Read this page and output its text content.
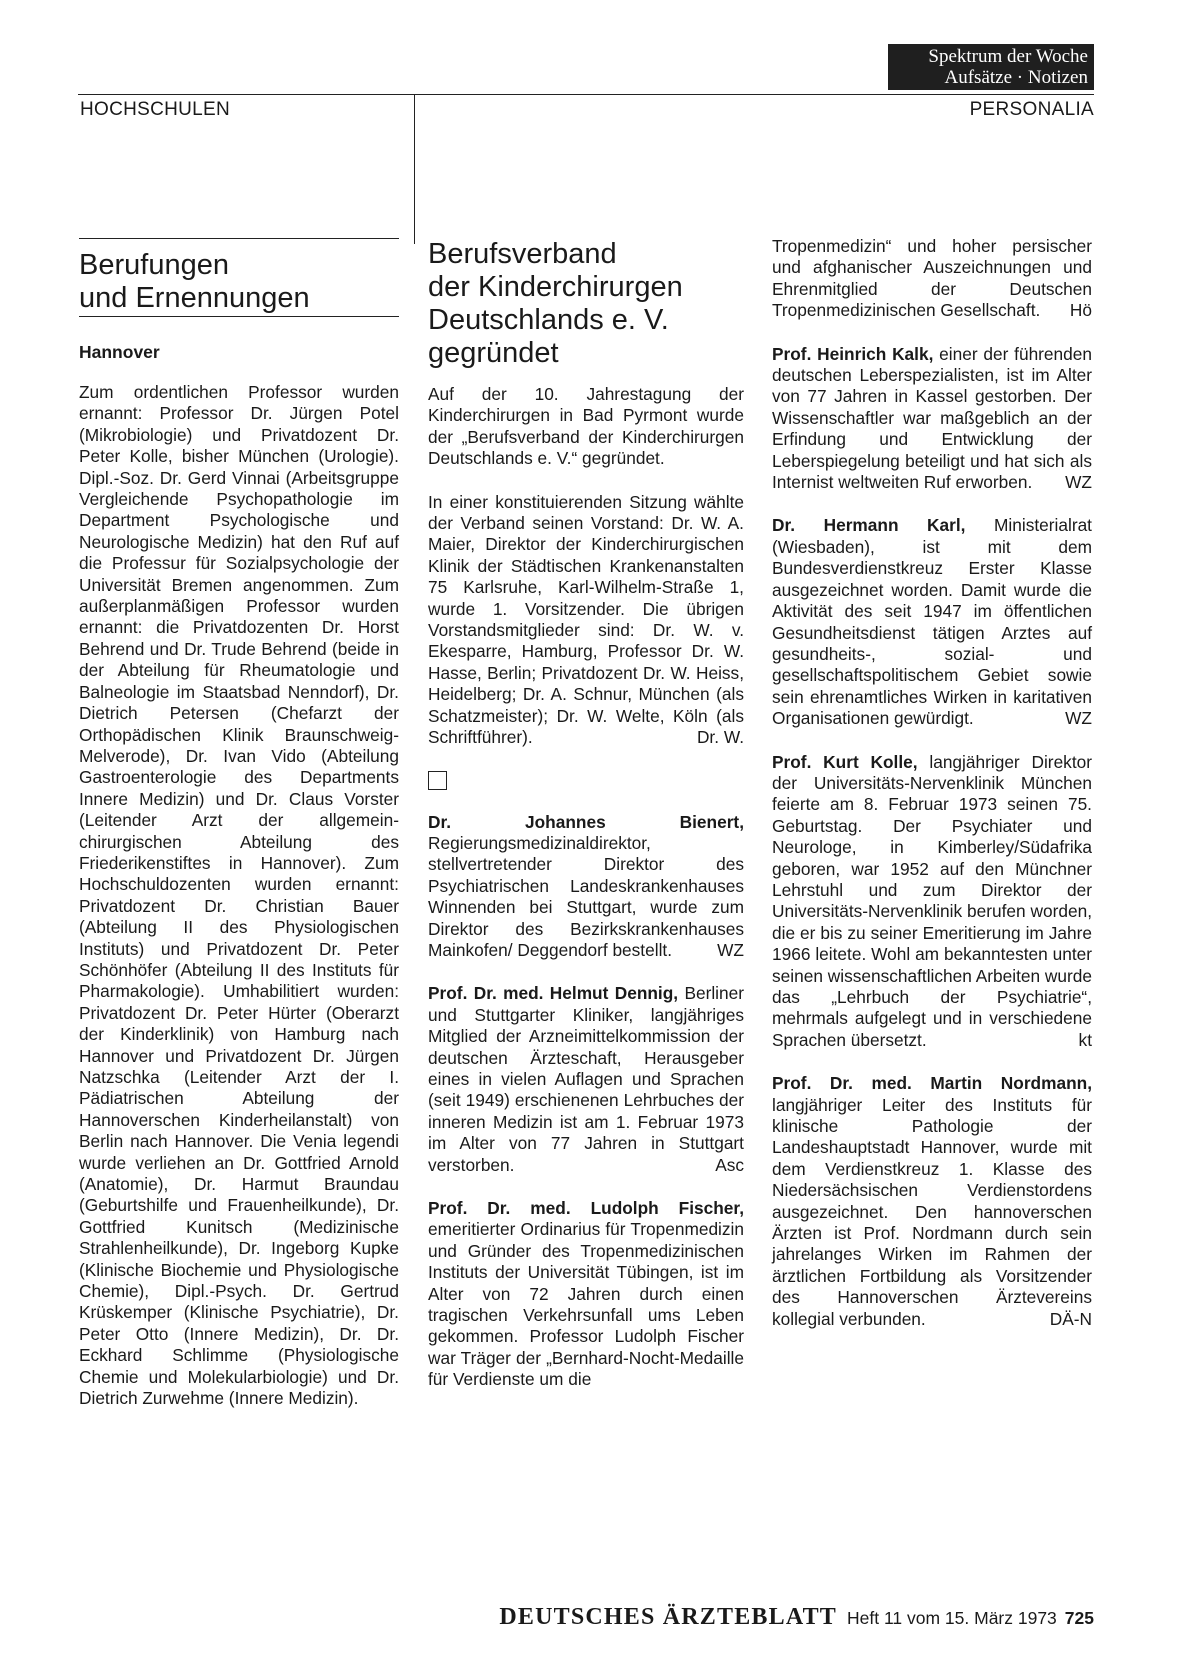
Spektrum der Woche
Aufsätze · Notizen
HOCHSCHULEN	PERSONALIA
Berufungen
und Ernennungen
Hannover

Zum ordentlichen Professor wurden ernannt: Professor Dr. Jürgen Potel (Mikrobiologie) und Privatdozent Dr. Peter Kolle, bisher München (Urologie). Dipl.-Soz. Dr. Gerd Vinnai (Arbeitsgruppe Vergleichende Psychopathologie im Department Psychologische und Neurologische Medizin) hat den Ruf auf die Professur für Sozialpsychologie der Universität Bremen angenommen. Zum außerplanmäßigen Professor wurden ernannt: die Privatdozenten Dr. Horst Behrend und Dr. Trude Behrend (beide in der Abteilung für Rheumatologie und Balneologie im Staatsbad Nenndorf), Dr. Dietrich Petersen (Chefarzt der Orthopädischen Klinik Braunschweig-Melverode), Dr. Ivan Vido (Abteilung Gastroenterologie des Departments Innere Medizin) und Dr. Claus Vorster (Leitender Arzt der allgemein-chirurgischen Abteilung des Friederikenstiftes in Hannover). Zum Hochschuldozenten wurden ernannt: Privatdozent Dr. Christian Bauer (Abteilung II des Physiologischen Instituts) und Privatdozent Dr. Peter Schönhöfer (Abteilung II des Instituts für Pharmakologie). Umhabilitiert wurden: Privatdozent Dr. Peter Hürter (Oberarzt der Kinderklinik) von Hamburg nach Hannover und Privatdozent Dr. Jürgen Natzschka (Leitender Arzt der I. Pädiatrischen Abteilung der Hannoverschen Kinderheilanstalt) von Berlin nach Hannover. Die Venia legendi wurde verliehen an Dr. Gottfried Arnold (Anatomie), Dr. Harmut Braundau (Geburtshilfe und Frauenheilkunde), Dr. Gottfried Kunitsch (Medizinische Strahlenheilkunde), Dr. Ingeborg Kupke (Klinische Biochemie und Physiologische Chemie), Dipl.-Psych. Dr. Gertrud Krüskemper (Klinische Psychiatrie), Dr. Peter Otto (Innere Medizin), Dr. Dr. Eckhard Schlimme (Physiologische Chemie und Molekularbiologie) und Dr. Dietrich Zurwehme (Innere Medizin).

Berufsverband
der Kinderchirurgen
Deutschlands e. V.
gegründet

Auf der 10. Jahrestagung der Kinderchirurgen in Bad Pyrmont wurde der „Berufsverband der Kinderchirurgen Deutschlands e. V.“ gegründet.

In einer konstituierenden Sitzung wählte der Verband seinen Vorstand: Dr. W. A. Maier, Direktor der Kinderchirurgischen Klinik der Städtischen Krankenanstalten 75 Karlsruhe, Karl-Wilhelm-Straße 1, wurde 1. Vorsitzender. Die übrigen Vorstandsmitglieder sind: Dr. W. v. Ekesparre, Hamburg, Professor Dr. W. Hasse, Berlin; Privatdozent Dr. W. Heiss, Heidelberg; Dr. A. Schnur, München (als Schatzmeister); Dr. W. Welte, Köln (als Schriftführer).	Dr. W.

Dr. Johannes Bienert, Regierungsmedizinaldirektor, stellvertretender Direktor des Psychiatrischen Landeskrankenhauses Winnenden bei Stuttgart, wurde zum Direktor des Bezirkskrankenhauses Mainkofen/ Deggendorf bestellt.	WZ

Prof. Dr. med. Helmut Dennig, Berliner und Stuttgarter Kliniker, langjähriges Mitglied der Arzneimittelkommission der deutschen Ärzteschaft, Herausgeber eines in vielen Auflagen und Sprachen (seit 1949) erschienenen Lehrbuches der inneren Medizin ist am 1. Februar 1973 im Alter von 77 Jahren in Stuttgart verstorben.	Asc

Prof. Dr. med. Ludolph Fischer, emeritierter Ordinarius für Tropenmedizin und Gründer des Tropenmedizinischen Instituts der Universität Tübingen, ist im Alter von 72 Jahren durch einen tragischen Verkehrsunfall ums Leben gekommen. Professor Ludolph Fischer war Träger der „Bernhard-Nocht-Medaille für Verdienste um die

Tropenmedizin“ und hoher persischer und afghanischer Auszeichnungen und Ehrenmitglied der Deutschen Tropenmedizinischen Gesellschaft. Hö

Prof. Heinrich Kalk, einer der führenden deutschen Leberspezialisten, ist im Alter von 77 Jahren in Kassel gestorben. Der Wissenschaftler war maßgeblich an der Erfindung und Entwicklung der Leberspiegelung beteiligt und hat sich als Internist weltweiten Ruf erworben. WZ

Dr. Hermann Karl, Ministerialrat (Wiesbaden), ist mit dem Bundesverdienstkreuz Erster Klasse ausgezeichnet worden. Damit wurde die Aktivität des seit 1947 im öffentlichen Gesundheitsdienst tätigen Arztes auf gesundheits-, sozial- und gesellschaftspolitischem Gebiet sowie sein ehrenamtliches Wirken in karitativen Organisationen gewürdigt.	WZ

Prof. Kurt Kolle, langjähriger Direktor der Universitäts-Nervenklinik München feierte am 8. Februar 1973 seinen 75. Geburtstag. Der Psychiater und Neurologe, in Kimberley/Südafrika geboren, war 1952 auf den Münchner Lehrstuhl und zum Direktor der Universitäts-Nervenklinik berufen worden, die er bis zu seiner Emeritierung im Jahre 1966 leitete. Wohl am bekanntesten unter seinen wissenschaftlichen Arbeiten wurde das „Lehrbuch der Psychiatrie“, mehrmals aufgelegt und in verschiedene Sprachen übersetzt.	kt

Prof. Dr. med. Martin Nordmann, langjähriger Leiter des Instituts für klinische Pathologie der Landeshauptstadt Hannover, wurde mit dem Verdienstkreuz 1. Klasse des Niedersächsischen Verdienstordens ausgezeichnet. Den hannoverschen Ärzten ist Prof. Nordmann durch sein jahrelanges Wirken im Rahmen der ärztlichen Fortbildung als Vorsitzender des Hannoverschen Ärztevereins kollegial verbunden.	DÄ-N

DEUTSCHES ÄRZTEBLATT Heft 11 vom 15. März 1973 725
